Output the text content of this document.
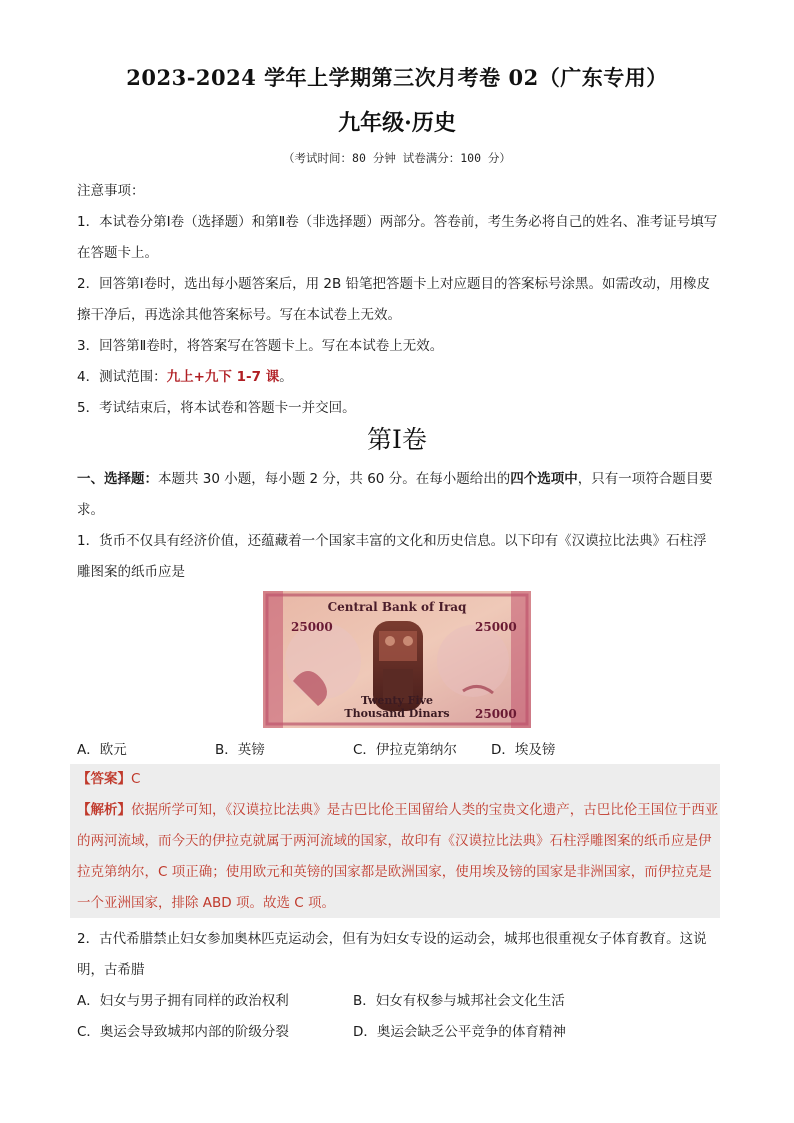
2023-2024 学年上学期第三次月考卷 02（广东专用）
九年级·历史
（考试时间：80 分钟 试卷满分：100 分）
注意事项：
1．本试卷分第Ⅰ卷（选择题）和第Ⅱ卷（非选择题）两部分。答卷前，考生务必将自己的姓名、准考证号填写在答题卡上。
2．回答第Ⅰ卷时，选出每小题答案后，用 2B 铅笔把答题卡上对应题目的答案标号涂黑。如需改动，用橡皮擦干净后，再选涂其他答案标号。写在本试卷上无效。
3．回答第Ⅱ卷时，将答案写在答题卡上。写在本试卷上无效。
4．测试范围：九上+九下 1-7 课。
5．考试结束后，将本试卷和答题卡一并交回。
第Ⅰ卷
一、选择题：本题共 30 小题，每小题 2 分，共 60 分。在每小题给出的四个选项中，只有一项符合题目要求。
1．货币不仅具有经济价值，还蕴藏着一个国家丰富的文化和历史信息。以下印有《汉谟拉比法典》石柱浮雕图案的纸币应是
Central Bank of Iraq
25000	25000
25000
Twenty Five
Thousand Dinars
A．欧元	B．英镑	C．伊拉克第纳尔	D．埃及镑
【答案】C
【解析】依据所学可知，《汉谟拉比法典》是古巴比伦王国留给人类的宝贵文化遗产，古巴比伦王国位于西亚的两河流域，而今天的伊拉克就属于两河流域的国家，故印有《汉谟拉比法典》石柱浮雕图案的纸币应是伊拉克第纳尔，C 项正确；使用欧元和英镑的国家都是欧洲国家，使用埃及镑的国家是非洲国家，而伊拉克是一个亚洲国家，排除 ABD 项。故选 C 项。
2．古代希腊禁止妇女参加奥林匹克运动会，但有为妇女专设的运动会，城邦也很重视女子体育教育。这说明，古希腊
A．妇女与男子拥有同样的政治权利	B．妇女有权参与城邦社会文化生活
C．奥运会导致城邦内部的阶级分裂	D．奥运会缺乏公平竞争的体育精神
